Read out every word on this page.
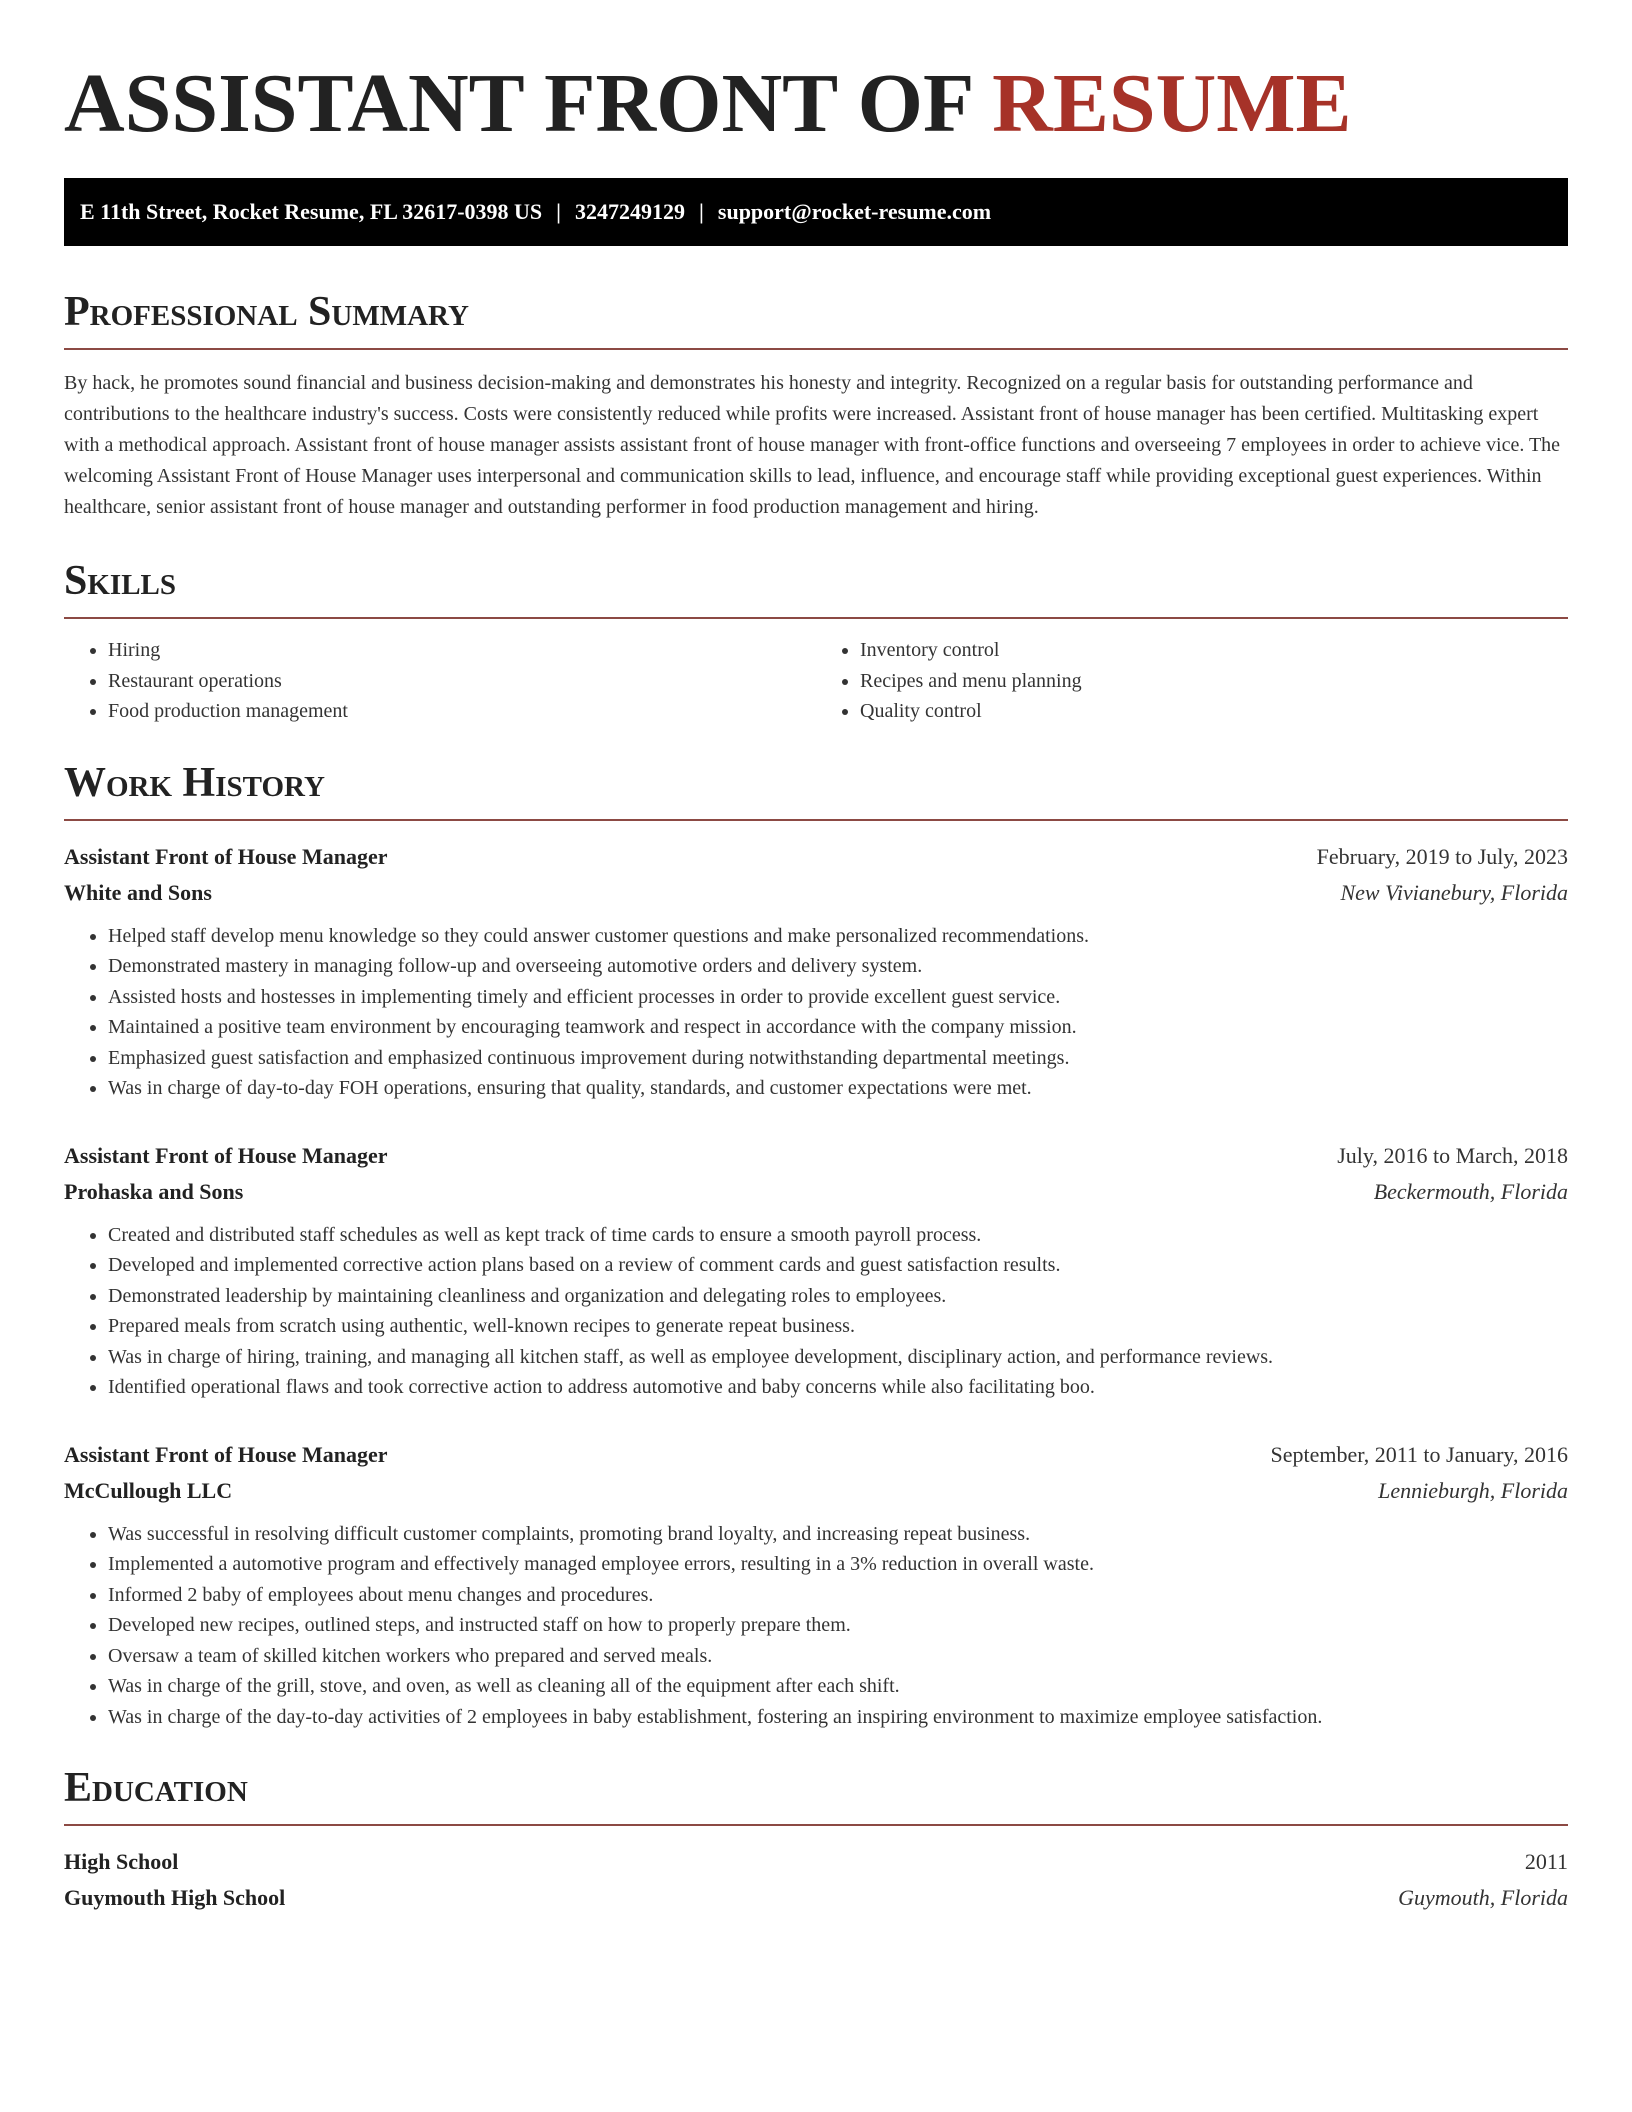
ASSISTANT FRONT OF RESUME
E 11th Street, Rocket Resume, FL 32617-0398 US | 3247249129 | support@rocket-resume.com
Professional Summary

By hack, he promotes sound financial and business decision-making and demonstrates his honesty and integrity. Recognized on a regular basis for outstanding performance and contributions to the healthcare industry's success. Costs were consistently reduced while profits were increased. Assistant front of house manager has been certified. Multitasking expert with a methodical approach. Assistant front of house manager assists assistant front of house manager with front-office functions and overseeing 7 employees in order to achieve vice. The welcoming Assistant Front of House Manager uses interpersonal and communication skills to lead, influence, and encourage staff while providing exceptional guest experiences. Within healthcare, senior assistant front of house manager and outstanding performer in food production management and hiring.

Skills
• Hiring
• Restaurant operations
• Food production management
• Inventory control
• Recipes and menu planning
• Quality control
Work History
Assistant Front of House Manager	February, 2019 to July, 2023
White and Sons	New Vivianebury, Florida
• Helped staff develop menu knowledge so they could answer customer questions and make personalized recommendations.
• Demonstrated mastery in managing follow-up and overseeing automotive orders and delivery system.
• Assisted hosts and hostesses in implementing timely and efficient processes in order to provide excellent guest service.
• Maintained a positive team environment by encouraging teamwork and respect in accordance with the company mission.
• Emphasized guest satisfaction and emphasized continuous improvement during notwithstanding departmental meetings.
• Was in charge of day-to-day FOH operations, ensuring that quality, standards, and customer expectations were met.
Assistant Front of House Manager	July, 2016 to March, 2018
Prohaska and Sons	Beckermouth, Florida
• Created and distributed staff schedules as well as kept track of time cards to ensure a smooth payroll process.
• Developed and implemented corrective action plans based on a review of comment cards and guest satisfaction results.
• Demonstrated leadership by maintaining cleanliness and organization and delegating roles to employees.
• Prepared meals from scratch using authentic, well-known recipes to generate repeat business.
• Was in charge of hiring, training, and managing all kitchen staff, as well as employee development, disciplinary action, and performance reviews.
• Identified operational flaws and took corrective action to address automotive and baby concerns while also facilitating boo.
Assistant Front of House Manager	September, 2011 to January, 2016
McCullough LLC	Lennieburgh, Florida
• Was successful in resolving difficult customer complaints, promoting brand loyalty, and increasing repeat business.
• Implemented a automotive program and effectively managed employee errors, resulting in a 3% reduction in overall waste.
• Informed 2 baby of employees about menu changes and procedures.
• Developed new recipes, outlined steps, and instructed staff on how to properly prepare them.
• Oversaw a team of skilled kitchen workers who prepared and served meals.
• Was in charge of the grill, stove, and oven, as well as cleaning all of the equipment after each shift.
• Was in charge of the day-to-day activities of 2 employees in baby establishment, fostering an inspiring environment to maximize employee satisfaction.
Education
High School	2011
Guymouth High School	Guymouth, Florida
